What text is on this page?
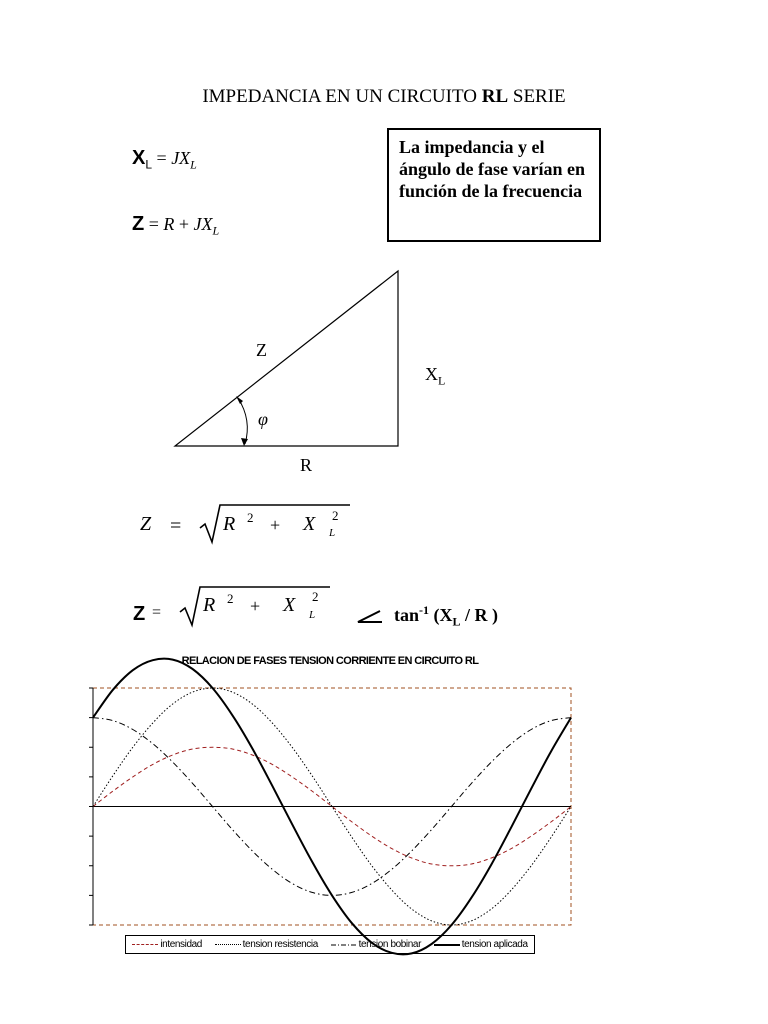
IMPEDANCIA EN UN CIRCUITO RL SERIE
$X_L = JX_L$
$Z = R + JX_L$
La impedancia y el ángulo de fase varían en función de la frecuencia
Z
$X_L$
R
φ
Z = R 2 + X 2
L
Z = R 2 + X 2
L	$\tan^{-1} (X_L$ / R )
RELACION DE FASES TENSION CORRIENTE EN CIRCUITO RL
intensidad	tension resistencia	tension bobinar	tension aplicada
